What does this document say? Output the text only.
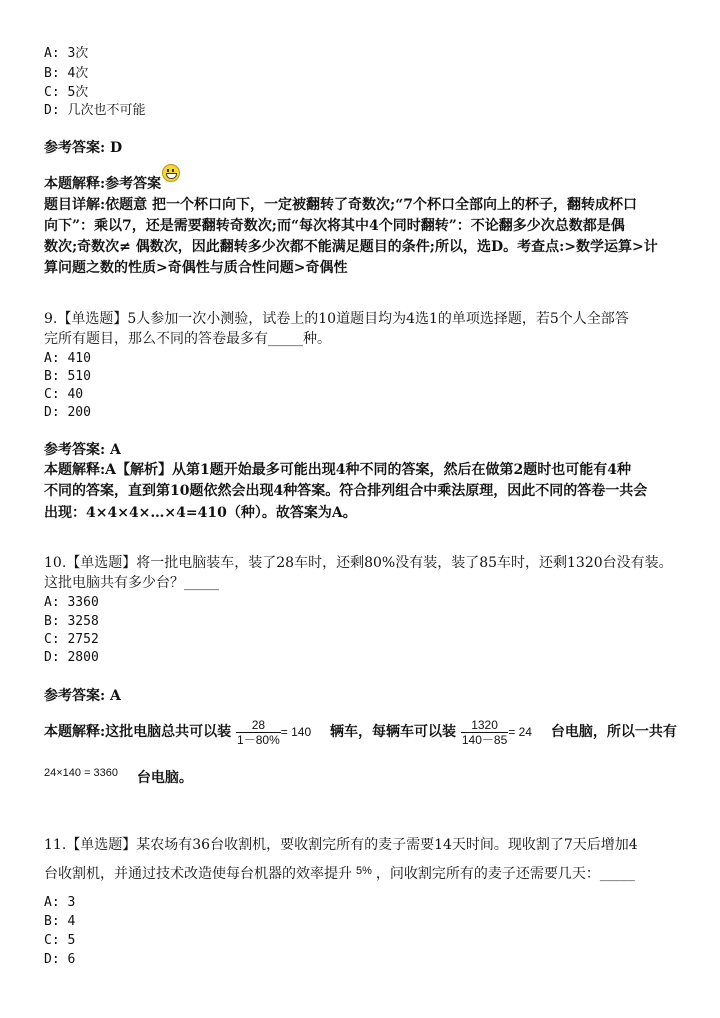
A: 3次
B: 4次
C: 5次
D: 几次也不可能
参考答案: D
本题解释:参考答案
题目详解:依题意 把一个杯口向下，一定被翻转了奇数次;“7个杯口全部向上的杯子，翻转成杯口
向下”：乘以7，还是需要翻转奇数次;而“每次将其中4个同时翻转”：不论翻多少次总数都是偶
数次;奇数次≠ 偶数次，因此翻转多少次都不能满足题目的条件;所以，选D。考查点:>数学运算>计
算问题之数的性质>奇偶性与质合性问题>奇偶性
9.【单选题】5人参加一次小测验，试卷上的10道题目均为4选1的单项选择题，若5个人全部答
完所有题目，那么不同的答卷最多有_____种。
A: 410
B: 510
C: 40
D: 200
参考答案: A
本题解释:A【解析】从第1题开始最多可能出现4种不同的答案，然后在做第2题时也可能有4种
不同的答案，直到第10题依然会出现4种答案。符合排列组合中乘法原理，因此不同的答卷一共会
出现：4×4×4×…×4=410（种）。故答案为A。
10.【单选题】将一批电脑装车，装了28车时，还剩80%没有装，装了85车时，还剩1320台没有装。
这批电脑共有多少台？_____
A: 3360
B: 3258
C: 2752
D: 2800
参考答案: A
本题解释:这批电脑总共可以装 $\frac{28}{1-80\%} = 140$ 辆车，每辆车可以装 $\frac{1320}{140-85} = 24$ 台电脑，所以一共有
$^{24\times 140 = 3360}$ 台电脑。
11.【单选题】某农场有36台收割机，要收割完所有的麦子需要14天时间。现收割了7天后增加4
台收割机，并通过技术改造使每台机器的效率提升 $^{5\%}$ ，问收割完所有的麦子还需要几天：_____
A: 3
B: 4
C: 5
D: 6
